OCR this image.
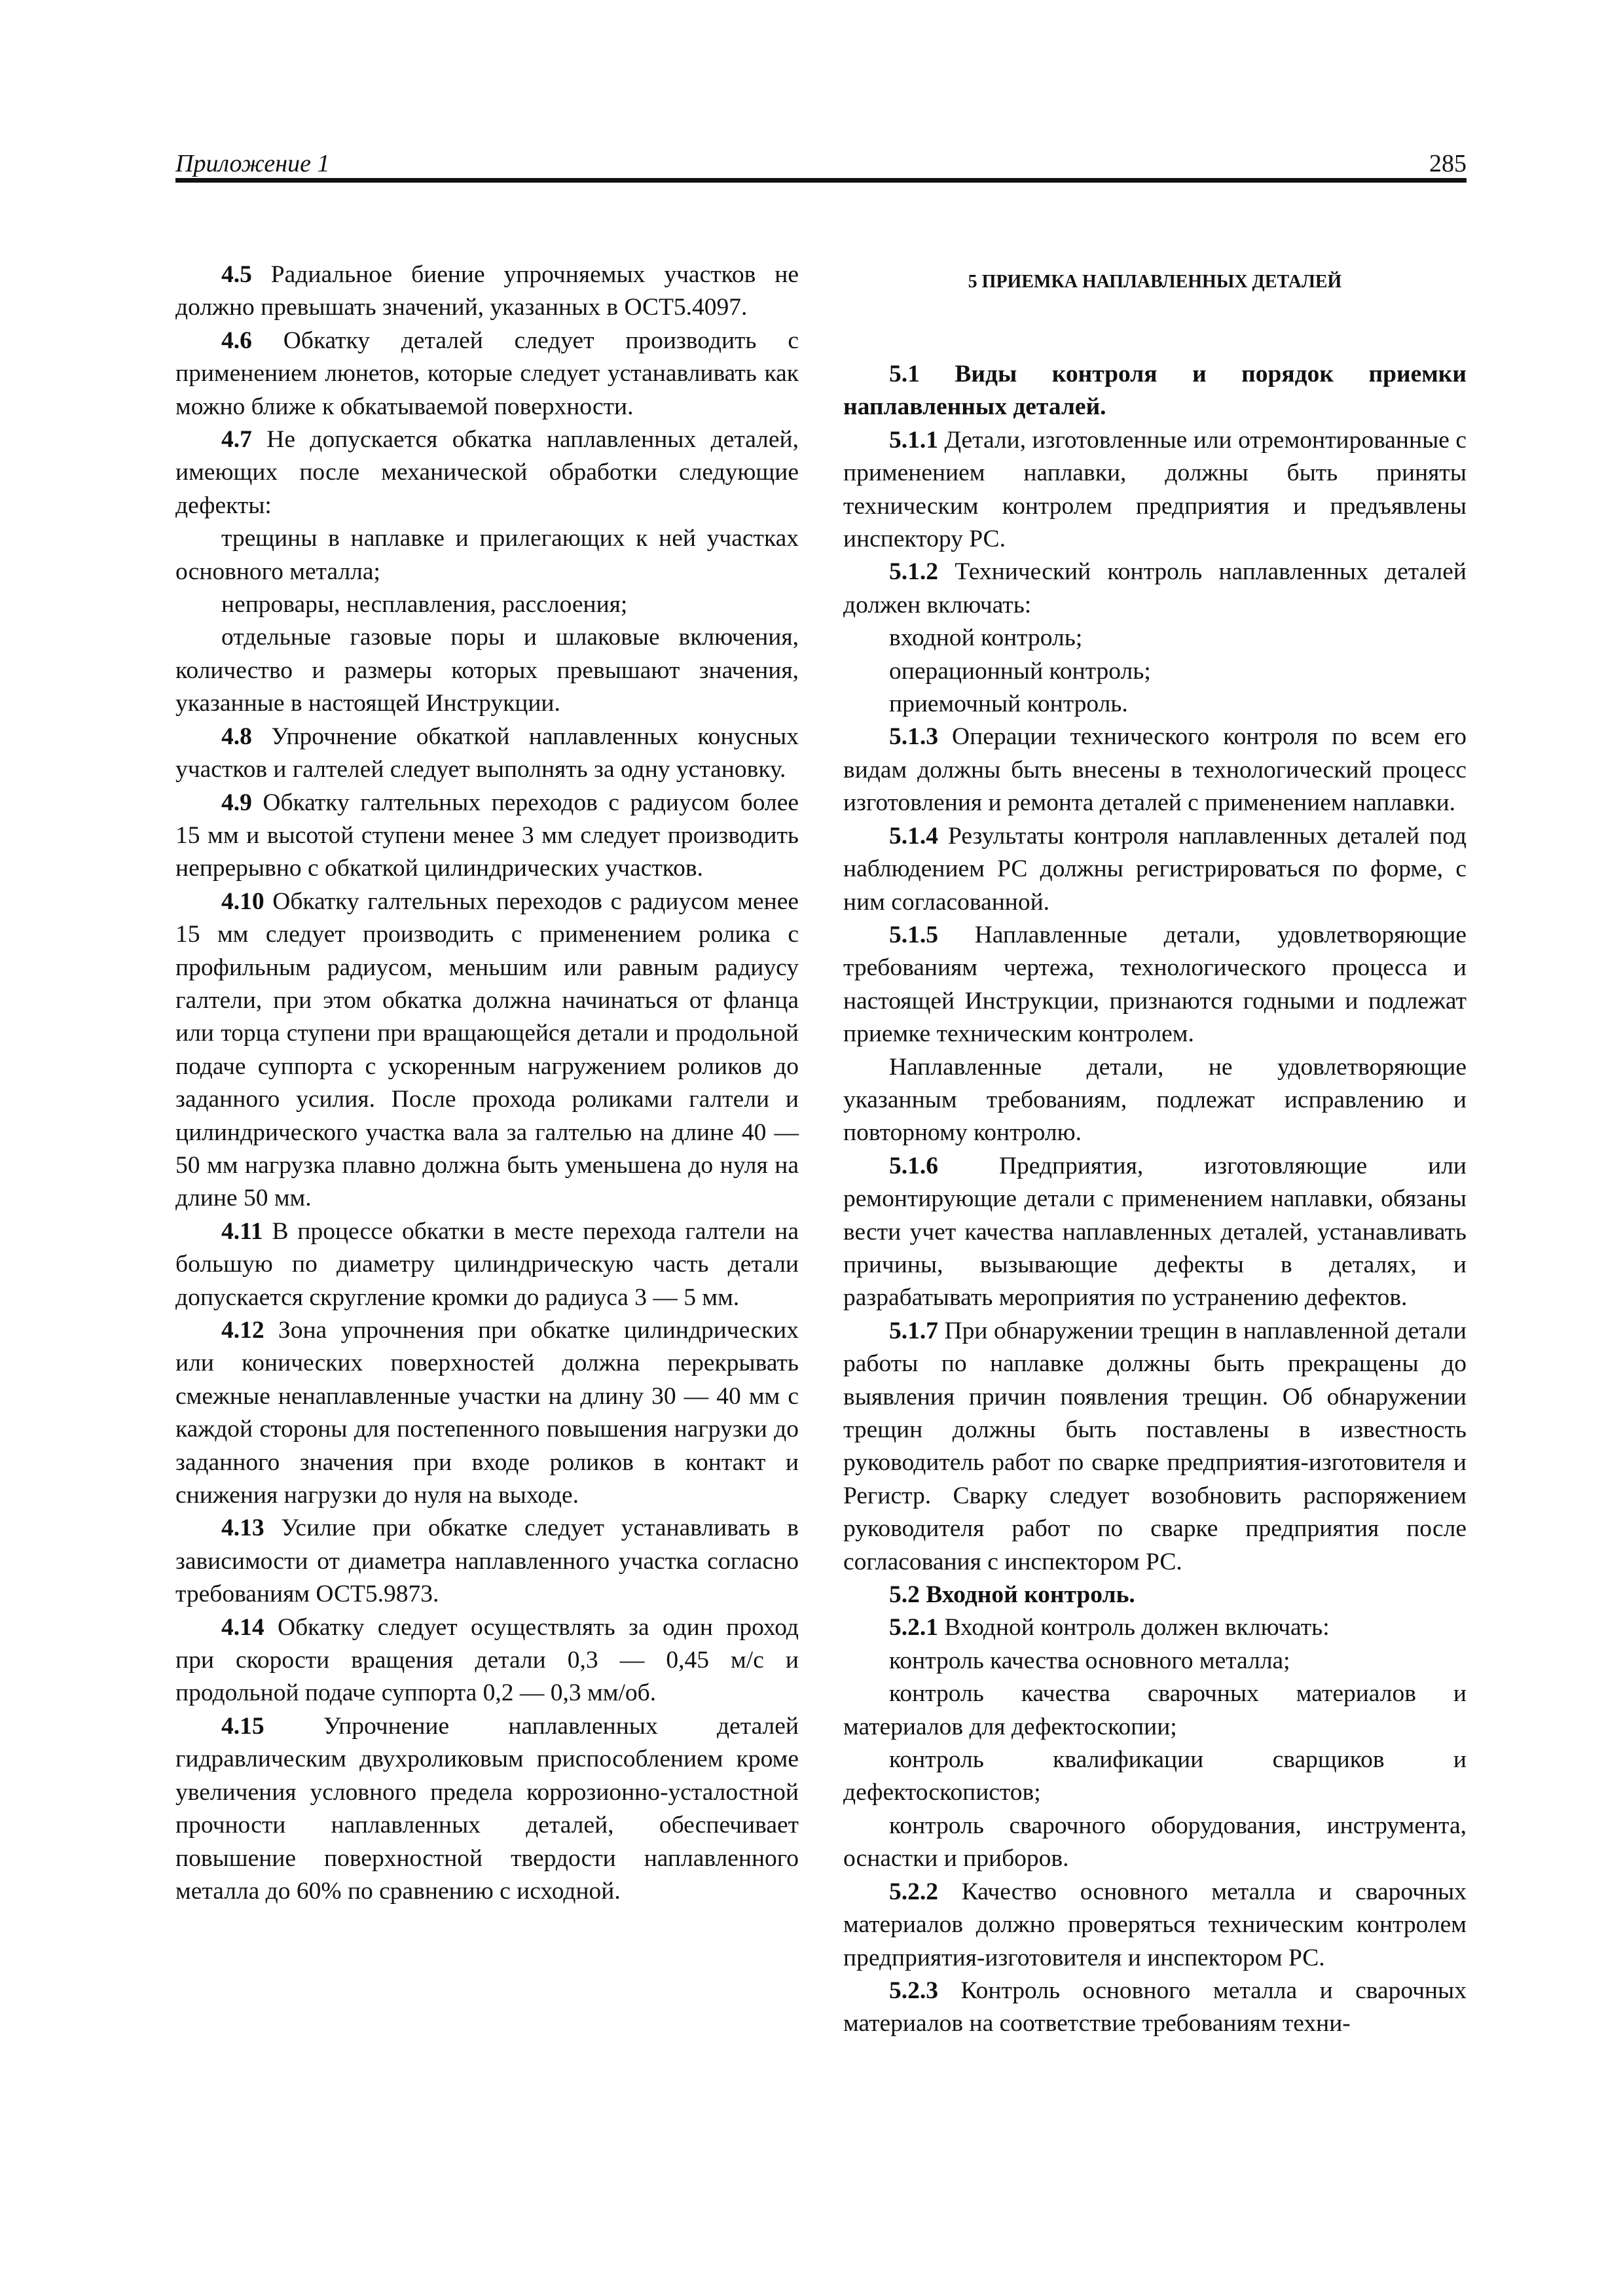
Приложение 1	285

4.5 Радиальное биение упрочняемых участков не должно превышать значений, указанных в ОСТ5.4097.

4.6 Обкатку деталей следует производить с применением люнетов, которые следует устанавливать как можно ближе к обкатываемой поверхности.

4.7 Не допускается обкатка наплавленных деталей, имеющих после механической обработки следующие дефекты:

трещины в наплавке и прилегающих к ней участках основного металла;

непровары, несплавления, расслоения;

отдельные газовые поры и шлаковые включения, количество и размеры которых превышают значения, указанные в настоящей Инструкции.

4.8 Упрочнение обкаткой наплавленных конусных участков и галтелей следует выполнять за одну установку.

4.9 Обкатку галтельных переходов с радиусом более 15 мм и высотой ступени менее 3 мм следует производить непрерывно с обкаткой цилиндрических участков.

4.10 Обкатку галтельных переходов с радиусом менее 15 мм следует производить с применением ролика с профильным радиусом, меньшим или равным радиусу галтели, при этом обкатка должна начинаться от фланца или торца ступени при вращающейся детали и продольной подаче суппорта с ускоренным нагружением роликов до заданного усилия. После прохода роликами галтели и цилиндрического участка вала за галтелью на длине 40 — 50 мм нагрузка плавно должна быть уменьшена до нуля на длине 50 мм.

4.11 В процессе обкатки в месте перехода галтели на большую по диаметру цилиндрическую часть детали допускается скругление кромки до радиуса 3 — 5 мм.

4.12 Зона упрочнения при обкатке цилиндрических или конических поверхностей должна перекрывать смежные ненаплавленные участки на длину 30 — 40 мм с каждой стороны для постепенного повышения нагрузки до заданного значения при входе роликов в контакт и снижения нагрузки до нуля на выходе.

4.13 Усилие при обкатке следует устанавливать в зависимости от диаметра наплавленного участка согласно требованиям ОСТ5.9873.

4.14 Обкатку следует осуществлять за один проход при скорости вращения детали 0,3 — 0,45 м/с и продольной подаче суппорта 0,2 — 0,3 мм/об.

4.15 Упрочнение наплавленных деталей гидравлическим двухроликовым приспособлением кроме увеличения условного предела коррозионно-усталостной прочности наплавленных деталей, обеспечивает повышение поверхностной твердости наплавленного металла до 60% по сравнению с исходной.

5 ПРИЕМКА НАПЛАВЛЕННЫХ ДЕТАЛЕЙ

5.1 Виды контроля и порядок приемки наплавленных деталей.

5.1.1 Детали, изготовленные или отремонтированные с применением наплавки, должны быть приняты техническим контролем предприятия и предъявлены инспектору РС.

5.1.2 Технический контроль наплавленных деталей должен включать:

входной контроль;

операционный контроль;

приемочный контроль.

5.1.3 Операции технического контроля по всем его видам должны быть внесены в технологический процесс изготовления и ремонта деталей с применением наплавки.

5.1.4 Результаты контроля наплавленных деталей под наблюдением РС должны регистрироваться по форме, с ним согласованной.

5.1.5 Наплавленные детали, удовлетворяющие требованиям чертежа, технологического процесса и настоящей Инструкции, признаются годными и подлежат приемке техническим контролем.

Наплавленные детали, не удовлетворяющие указанным требованиям, подлежат исправлению и повторному контролю.

5.1.6 Предприятия, изготовляющие или ремонтирующие детали с применением наплавки, обязаны вести учет качества наплавленных деталей, устанавливать причины, вызывающие дефекты в деталях, и разрабатывать мероприятия по устранению дефектов.

5.1.7 При обнаружении трещин в наплавленной детали работы по наплавке должны быть прекращены до выявления причин появления трещин. Об обнаружении трещин должны быть поставлены в известность руководитель работ по сварке предприятия-изготовителя и Регистр. Сварку следует возобновить распоряжением руководителя работ по сварке предприятия после согласования с инспектором РС.

5.2 Входной контроль.

5.2.1 Входной контроль должен включать:

контроль качества основного металла;

контроль качества сварочных материалов и материалов для дефектоскопии;

контроль квалификации сварщиков и дефектоскопистов;

контроль сварочного оборудования, инструмента, оснастки и приборов.

5.2.2 Качество основного металла и сварочных материалов должно проверяться техническим контролем предприятия-изготовителя и инспектором РС.

5.2.3 Контроль основного металла и сварочных материалов на соответствие требованиям техни-
